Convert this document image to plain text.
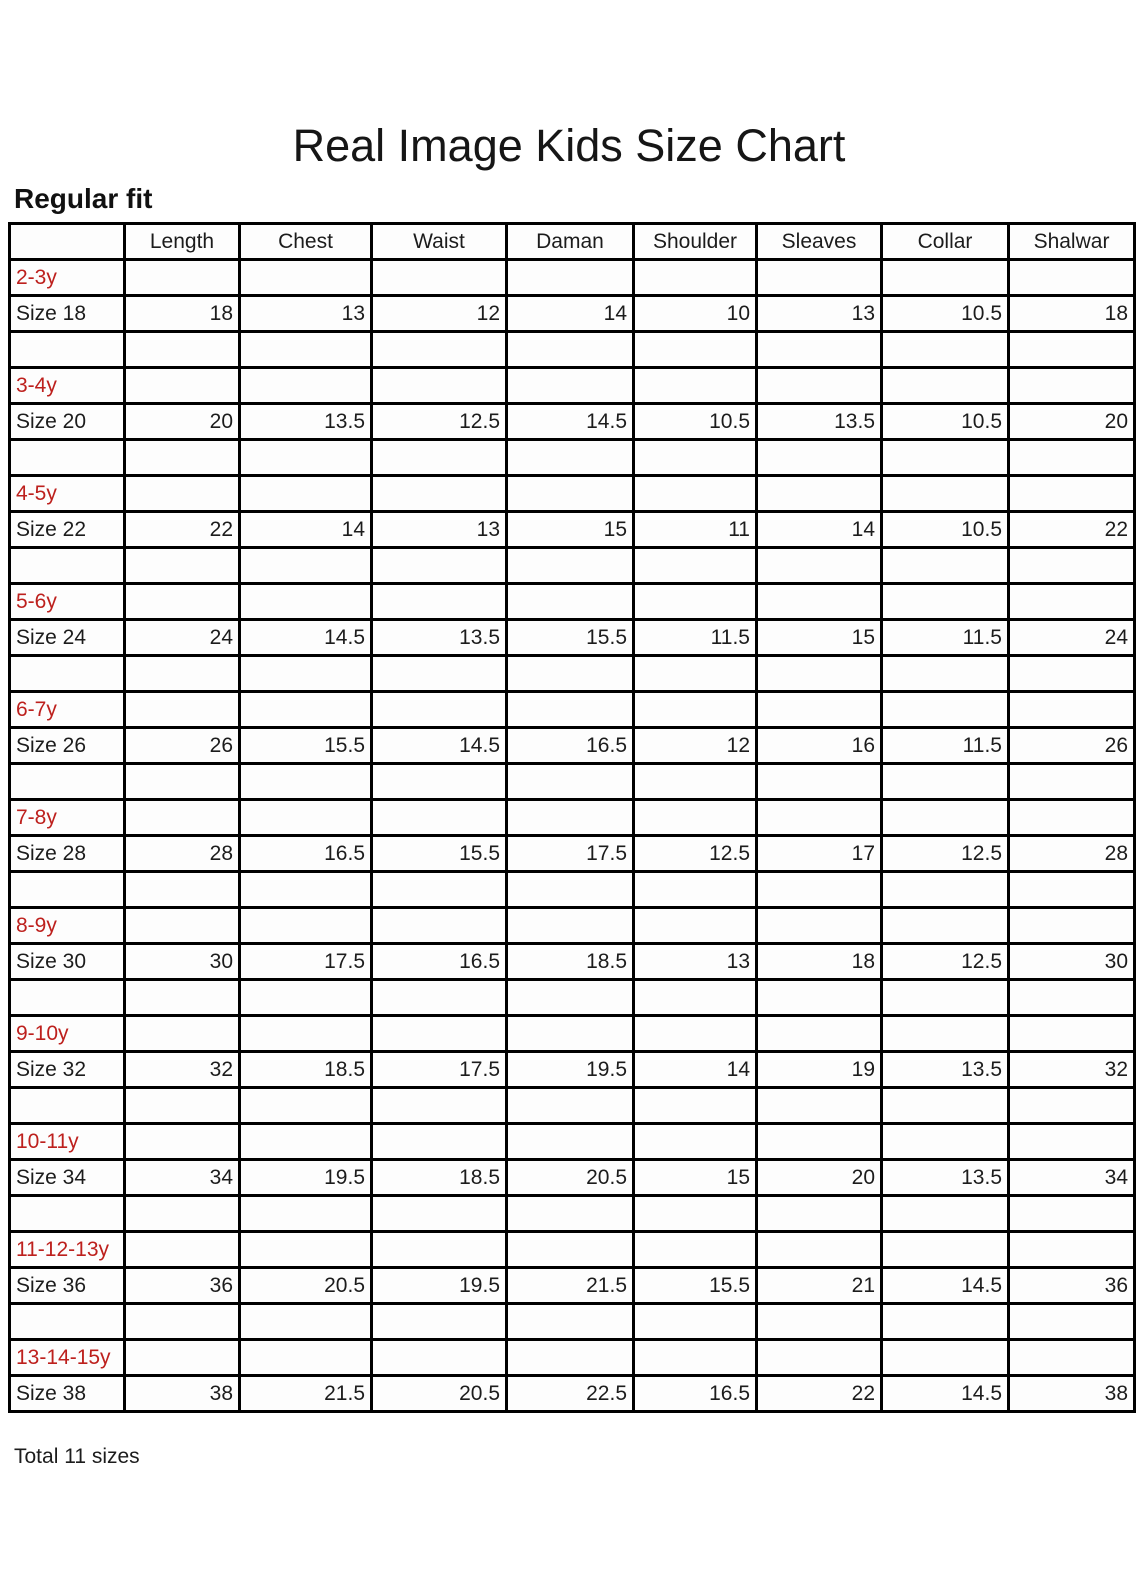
Real Image Kids Size Chart
Regular fit
	Length	Chest	Waist	Daman	Shoulder	Sleaves	Collar	Shalwar
2-3y								
Size 18	18	13	12	14	10	13	10.5	18

3-4y								
Size 20	20	13.5	12.5	14.5	10.5	13.5	10.5	20

4-5y								
Size 22	22	14	13	15	11	14	10.5	22

5-6y								
Size 24	24	14.5	13.5	15.5	11.5	15	11.5	24

6-7y								
Size 26	26	15.5	14.5	16.5	12	16	11.5	26

7-8y								
Size 28	28	16.5	15.5	17.5	12.5	17	12.5	28

8-9y								
Size 30	30	17.5	16.5	18.5	13	18	12.5	30

9-10y								
Size 32	32	18.5	17.5	19.5	14	19	13.5	32

10-11y								
Size 34	34	19.5	18.5	20.5	15	20	13.5	34

11-12-13y								
Size 36	36	20.5	19.5	21.5	15.5	21	14.5	36

13-14-15y								
Size 38	38	21.5	20.5	22.5	16.5	22	14.5	38
Total 11 sizes
